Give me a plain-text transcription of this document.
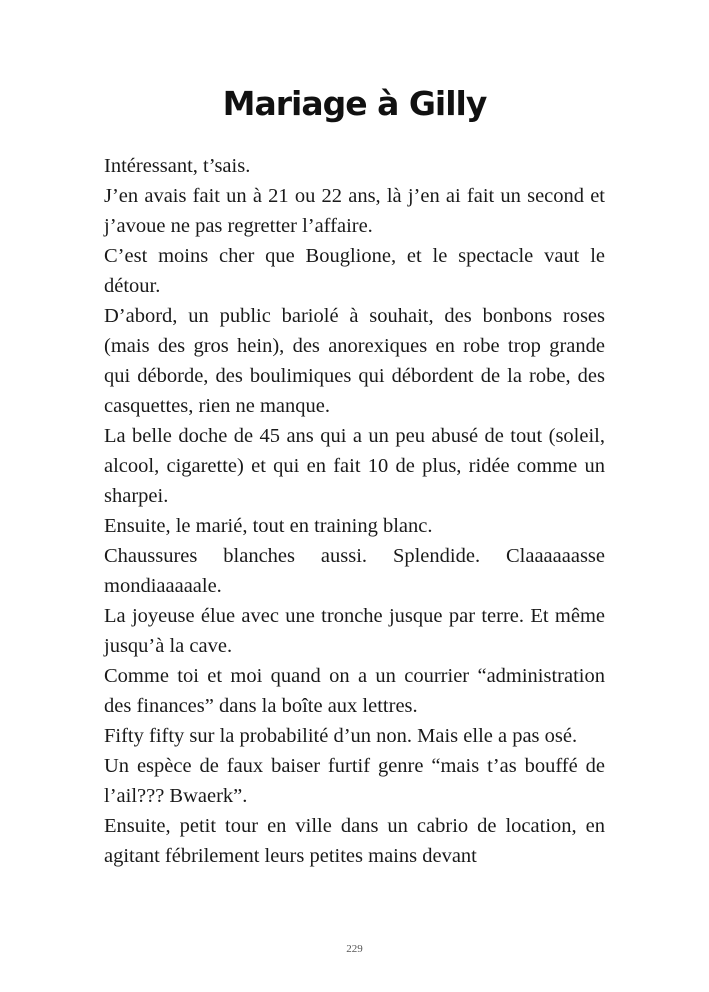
Mariage à Gilly

Intéressant, t’sais.

J’en avais fait un à 21 ou 22 ans, là j’en ai fait un second et j’avoue ne pas regretter l’affaire.

C’est moins cher que Bouglione, et le spectacle vaut le détour.

D’abord, un public bariolé à souhait, des bonbons roses (mais des gros hein), des anorexiques en robe trop grande qui déborde, des boulimiques qui débordent de la robe, des casquettes, rien ne manque.

La belle doche de 45 ans qui a un peu abusé de tout (soleil, alcool, cigarette) et qui en fait 10 de plus, ridée comme un sharpei.

Ensuite, le marié, tout en training blanc.

Chaussures blanches aussi. Splendide. Claaaaaasse mondiaaaaale.

La joyeuse élue avec une tronche jusque par terre. Et même jusqu’à la cave.

Comme toi et moi quand on a un courrier “administration des finances” dans la boîte aux lettres.

Fifty fifty sur la probabilité d’un non. Mais elle a pas osé.

Un espèce de faux baiser furtif genre “mais t’as bouffé de l’ail??? Bwaerk”.

Ensuite, petit tour en ville dans un cabrio de location, en agitant fébrilement leurs petites mains devant

229
